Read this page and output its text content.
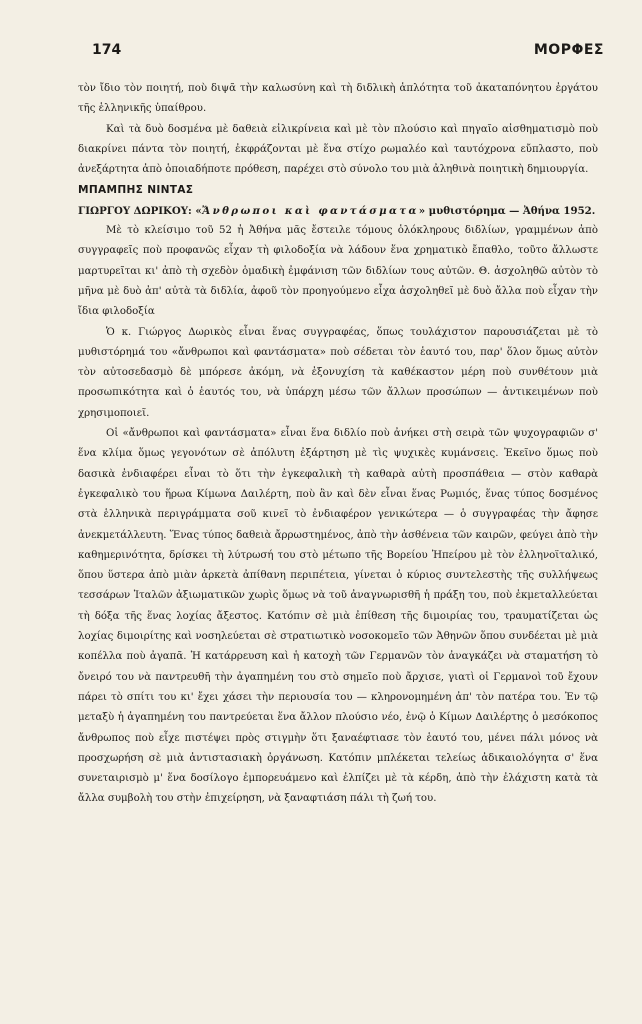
174	ΜΟΡΦΕΣ

τὸν ἴδιο τὸν ποιητή, ποὺ διψᾶ τὴν καλωσύνη καὶ τὴ διδλικὴ ἁπλότητα τοῦ ἀκαταπόνητου ἐργάτου τῆς ἑλληνικῆς ὑπαίθρου.

Καὶ τὰ δυὸ δοσμένα μὲ δαθειὰ εἰλικρίνεια καὶ μὲ τὸν πλούσιο καὶ πηγαῖο αἰσθηματισμὸ ποὺ διακρίνει πάντα τὸν ποιητή, ἐκφράζονται μὲ ἕνα στίχο ρωμαλέο καὶ ταυτόχρονα εὔπλαστο, ποὺ ἀνεξάρτητα ἀπὸ ὁποιαδήποτε πρόθεση, παρέχει στὸ σύνολο του μιὰ ἀληθινὰ ποιητικὴ δημιουργία.

ΜΠΑΜΠΗΣ ΝΙΝΤΑΣ

ΓΙΩΡΓΟΥ ΔΩΡΙΚΟΥ: «Ἄνθρωποι καὶ φαντάσματα» μυθιστόρημα — Ἀθήνα 1952.

Μὲ τὸ κλείσιμο τοῦ 52 ἡ Ἀθήνα μᾶς ἔστειλε τόμους ὁλόκληρους διδλίων, γραμμένων ἀπὸ συγγραφεῖς ποὺ προφανῶς εἶχαν τὴ φιλοδοξία νὰ λάδουν ἕνα χρηματικὸ ἔπαθλο, τοῦτο ἄλλωστε μαρτυρεῖται κι' ἀπὸ τὴ σχεδὸν ὁμαδικὴ ἐμφάνιση τῶν διδλίων τους αὐτῶν. Θ. ἀσχοληθῶ αὐτὸν τὸ μῆνα μὲ δυὸ ἀπ' αὐτὰ τὰ διδλία, ἀφοῦ τὸν προηγούμενο εἶχα ἀσχοληθεῖ μὲ δυὸ ἄλλα ποὺ εἶχαν τὴν ἴδια φιλοδοξία

Ὁ κ. Γιώργος Δωρικὸς εἶναι ἕνας συγγραφέας, ὅπως τουλάχιστον παρουσιάζεται μὲ τὸ μυθιστόρημά του «ἄνθρωποι καὶ φαντάσματα» ποὺ σέδεται τὸν ἑαυτό του, παρ' ὅλον ὅμως αὐτὸν τὸν αὐτοσεδασμὸ δὲ μπόρεσε ἀκόμη, νὰ ἐξονυχίση τὰ καθέκαστον μέρη ποὺ συνθέτουν μιὰ προσωπικότητα καὶ ὁ ἑαυτός του, νὰ ὑπάρχη μέσω τῶν ἄλλων προσώπων — ἀντικειμένων ποὺ χρησιμοποιεῖ.

Οἱ «ἄνθρωποι καὶ φαντάσματα» εἶναι ἕνα διδλίο ποὺ ἀνήκει στὴ σειρὰ τῶν ψυχογραφιῶν σ' ἕνα κλίμα ὅμως γεγονότων σὲ ἀπόλυτη ἐξάρτηση μὲ τὶς ψυχικὲς κυμάνσεις. Ἐκεῖνο ὅμως ποὺ δασικὰ ἐνδιαφέρει εἶναι τὸ ὅτι τὴν ἐγκεφαλικὴ τὴ καθαρὰ αὐτὴ προσπάθεια — στὸν καθαρὰ ἐγκεφαλικὸ του ἥρωα Κίμωνα Δαιλέρτη, ποὺ ἂν καὶ δὲν εἶναι ἕνας Ρωμιός, ἕνας τύπος δοσμένος στὰ ἑλληνικὰ περιγράμματα σοῦ κινεῖ τὸ ἐνδιαφέρον γενικώτερα — ὁ συγγραφέας τὴν ἄφησε ἀνεκμετάλλευτη. Ἕνας τύπος δαθειὰ ἄρρωστημένος, ἀπὸ τὴν ἀσθένεια τῶν καιρῶν, φεύγει ἀπὸ τὴν καθημερινότητα, δρίσκει τὴ λύτρωσή του στὸ μέτωπο τῆς Βορείου Ἠπείρου μὲ τὸν ἑλληνοϊταλικό, ὅπου ὕστερα ἀπὸ μιὰν ἀρκετὰ ἀπίθανη περιπέτεια, γίνεται ὁ κύριος συντελεστὴς τῆς συλλήψεως τεσσάρων Ἰταλῶν ἀξιωματικῶν χωρὶς ὅμως νὰ τοῦ ἀναγνωρισθῆ ἡ πράξη του, ποὺ ἐκμεταλλεύεται τὴ δόξα τῆς ἕνας λοχίας ἄξεστος. Κατόπιν σὲ μιὰ ἐπίθεση τῆς διμοιρίας του, τραυματίζεται ὡς λοχίας διμοιρίτης καὶ νοσηλεύεται σὲ στρατιωτικὸ νοσοκομεῖο τῶν Ἀθηνῶν ὅπου συνδέεται μὲ μιὰ κοπέλλα ποὺ ἀγαπᾶ. Ἡ κατάρρευση καὶ ἡ κατοχὴ τῶν Γερμανῶν τὸν ἀναγκάζει νὰ σταματήση τὸ ὄνειρό του νὰ παντρευθῆ τὴν ἀγαπημένη του στὸ σημεῖο ποὺ ἄρχισε, γιατὶ οἱ Γερμανοὶ τοῦ ἔχουν πάρει τὸ σπίτι του κι' ἔχει χάσει τὴν περιουσία του — κληρονομημένη ἀπ' τὸν πατέρα του. Ἐν τῷ μεταξὺ ἡ ἀγαπημένη του παντρεύεται ἕνα ἄλλον πλούσιο νέο, ἐνῷ ὁ Κίμων Δαιλέρτης ὁ μεσόκοπος ἄνθρωπος ποὺ εἶχε πιστέψει πρὸς στιγμὴν ὅτι ξαναέφτιασε τὸν ἑαυτό του, μένει πάλι μόνος νὰ προσχωρήση σὲ μιὰ ἀντιστασιακὴ ὀργάνωση. Κατόπιν μπλέκεται τελείως ἀδικαιολόγητα σ' ἕνα συνεταιρισμὸ μ' ἕνα δοσίλογο ἐμπορευάμενο καὶ ἐλπίζει μὲ τὰ κέρδη, ἀπὸ τὴν ἐλάχιστη κατὰ τὰ ἄλλα συμβολὴ του στὴν ἐπιχείρηση, νὰ ξαναφτιάση πάλι τὴ ζωή του.
